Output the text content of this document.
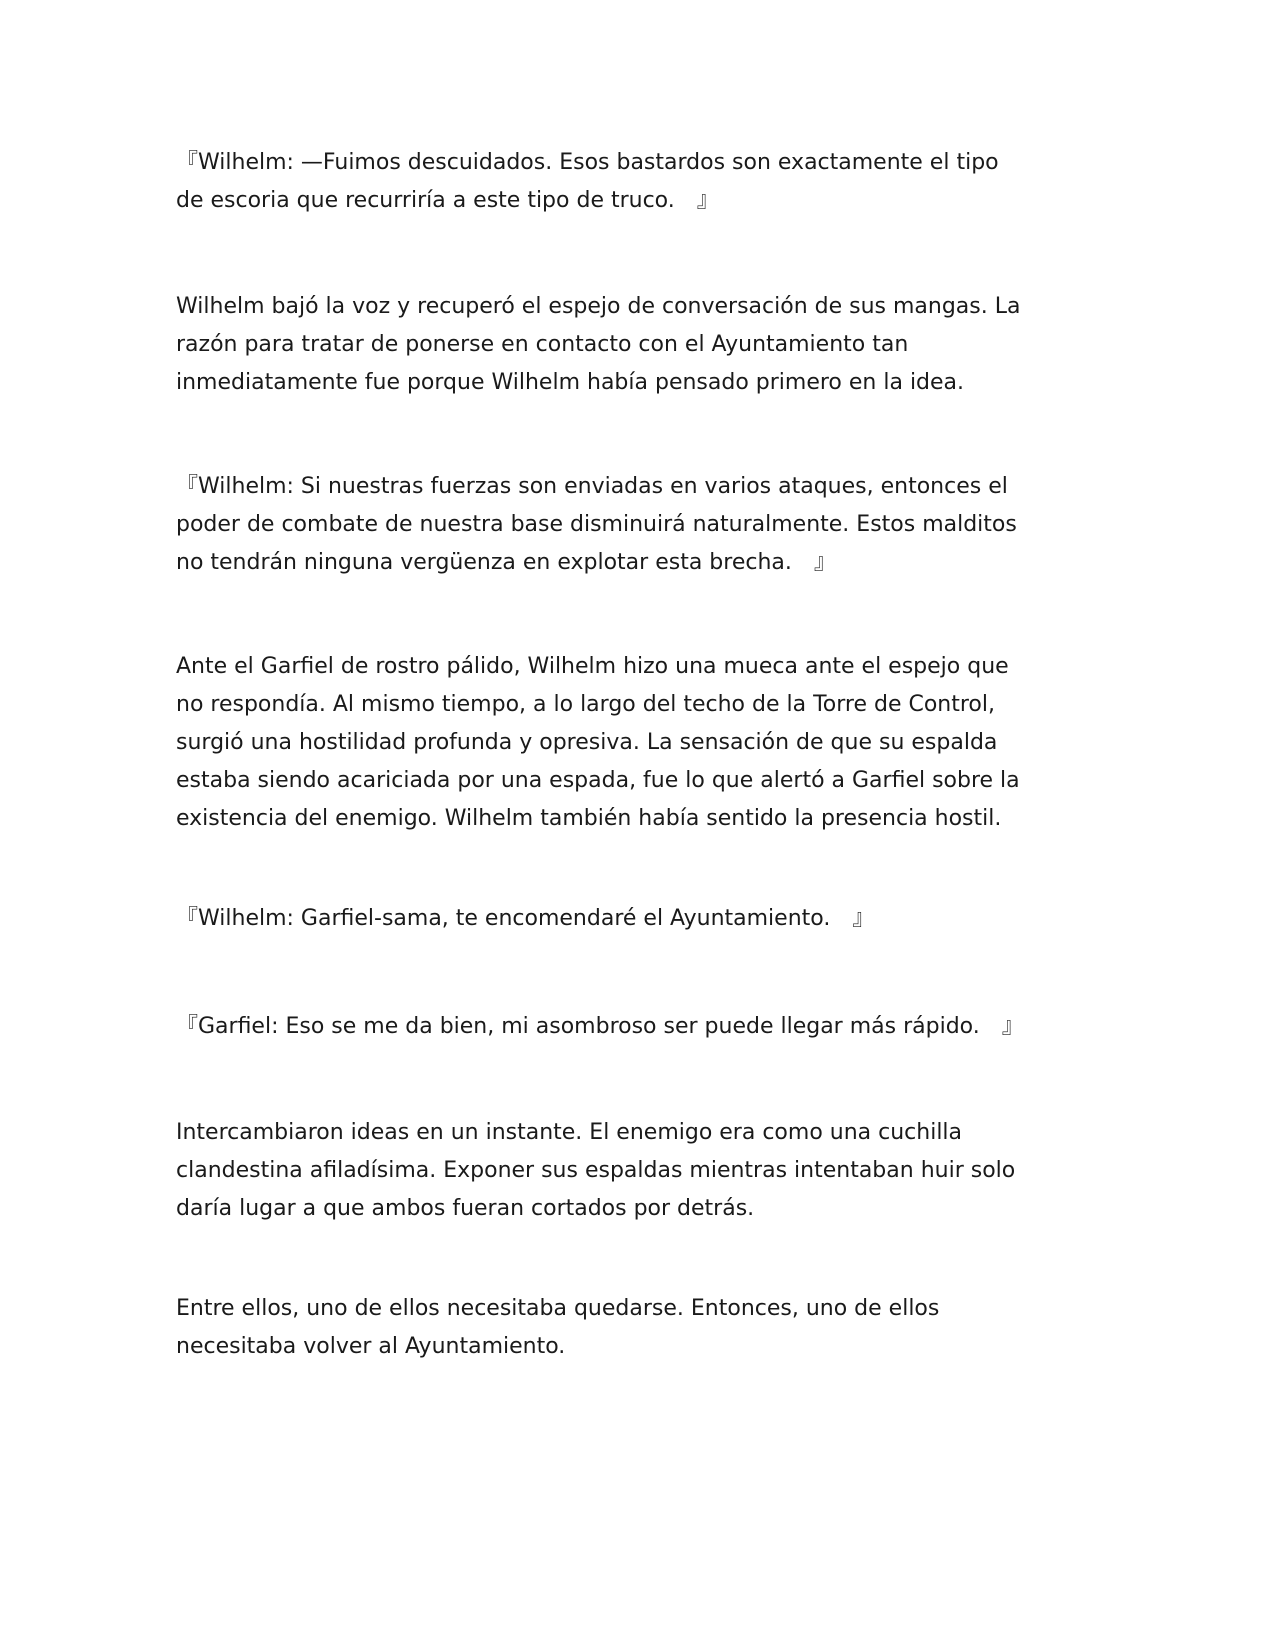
『Wilhelm: —Fuimos descuidados. Esos bastardos son exactamente el tipo
de escoria que recurriría a este tipo de truco.　』

Wilhelm bajó la voz y recuperó el espejo de conversación de sus mangas. La
razón para tratar de ponerse en contacto con el Ayuntamiento tan
inmediatamente fue porque Wilhelm había pensado primero en la idea.

『Wilhelm: Si nuestras fuerzas son enviadas en varios ataques, entonces el
poder de combate de nuestra base disminuirá naturalmente. Estos malditos
no tendrán ninguna vergüenza en explotar esta brecha.　』

Ante el Garfiel de rostro pálido, Wilhelm hizo una mueca ante el espejo que
no respondía. Al mismo tiempo, a lo largo del techo de la Torre de Control,
surgió una hostilidad profunda y opresiva. La sensación de que su espalda
estaba siendo acariciada por una espada, fue lo que alertó a Garfiel sobre la
existencia del enemigo. Wilhelm también había sentido la presencia hostil.

『Wilhelm: Garfiel-sama, te encomendaré el Ayuntamiento.　』

『Garfiel: Eso se me da bien, mi asombroso ser puede llegar más rápido.　』

Intercambiaron ideas en un instante. El enemigo era como una cuchilla
clandestina afiladísima. Exponer sus espaldas mientras intentaban huir solo
daría lugar a que ambos fueran cortados por detrás.

Entre ellos, uno de ellos necesitaba quedarse. Entonces, uno de ellos
necesitaba volver al Ayuntamiento.
